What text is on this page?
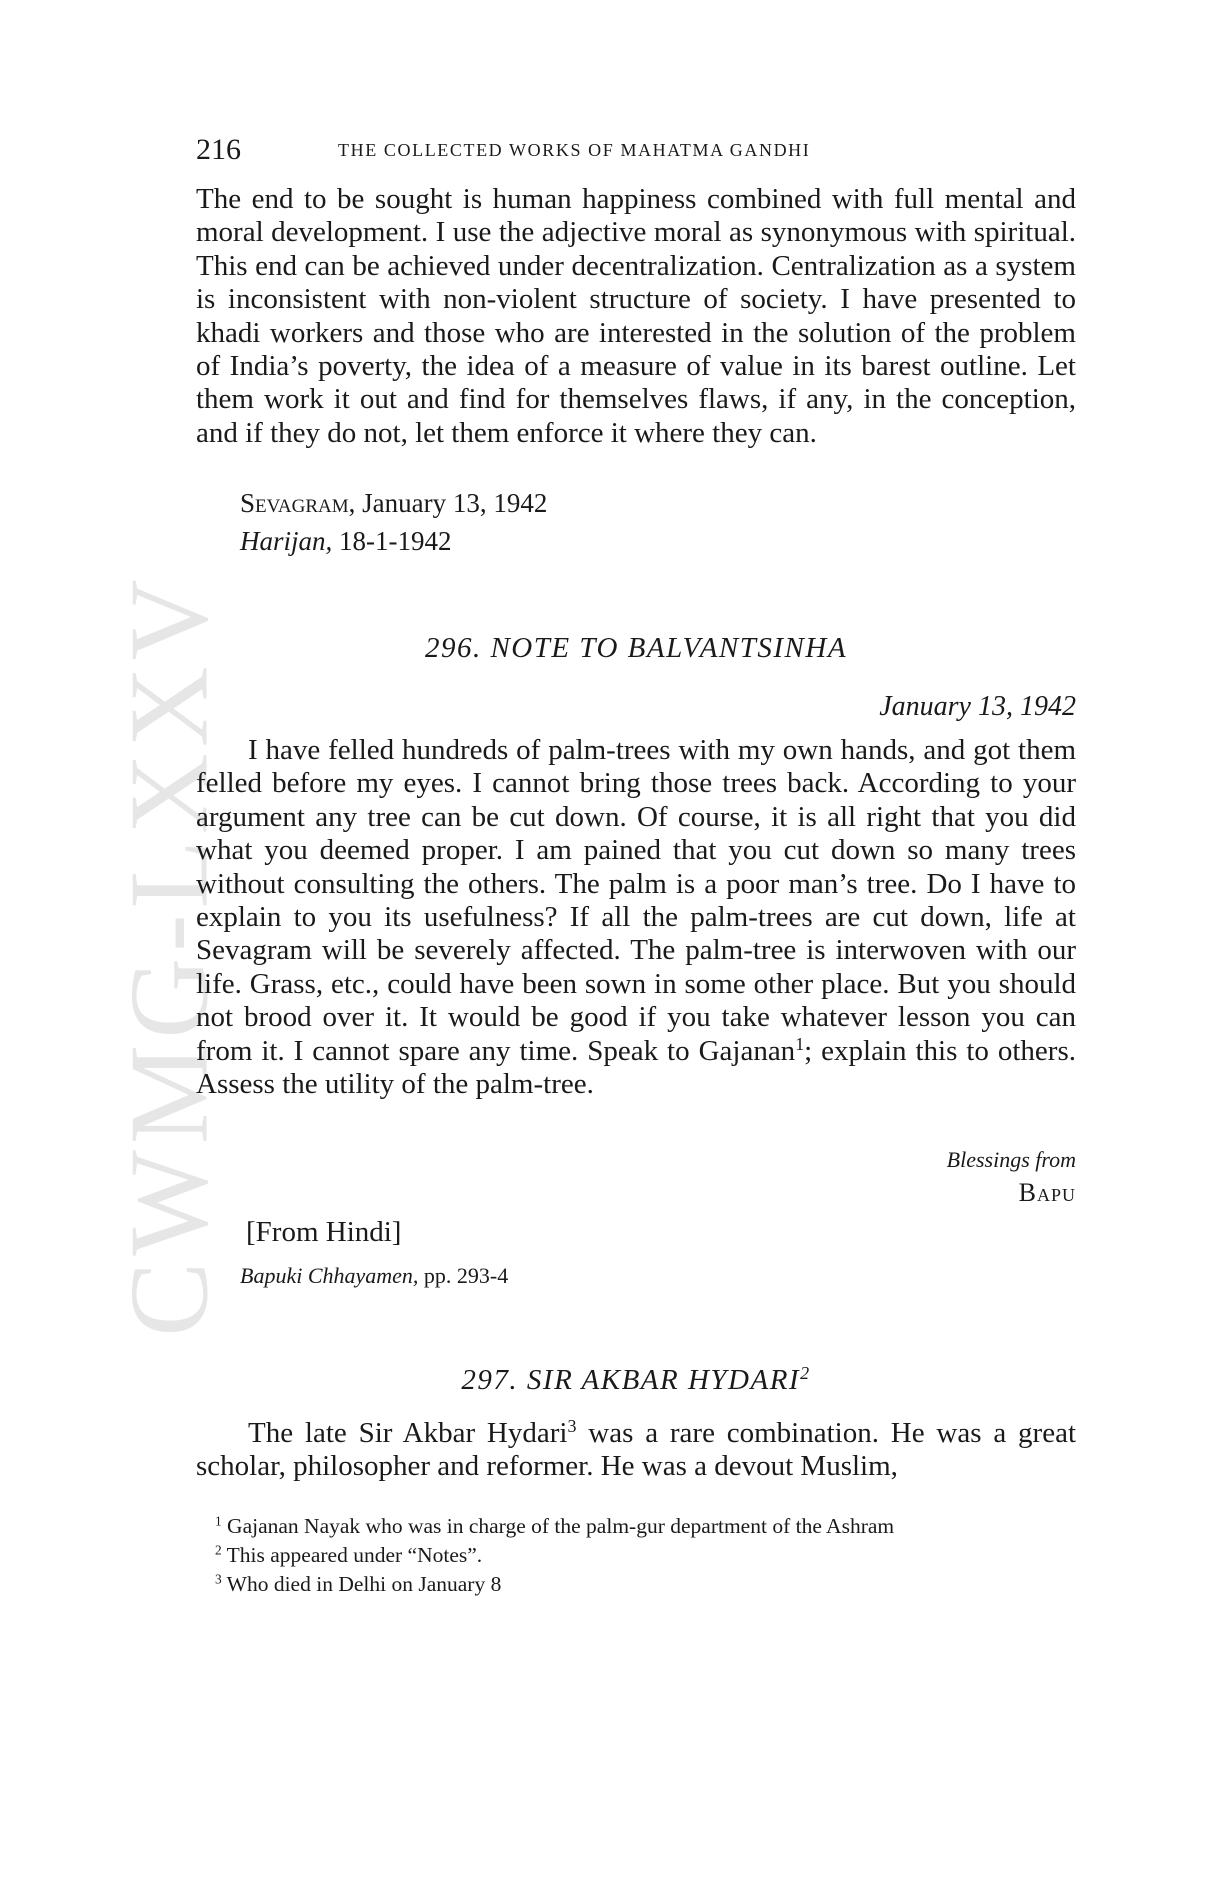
CWMG-LXXV
216	THE COLLECTED WORKS OF MAHATMA GANDHI

The end to be sought is human happiness combined with full mental and moral development. I use the adjective moral as synonymous with spiritual. This end can be achieved under decentralization. Centralization as a system is inconsistent with non-violent structure of society. I have presented to khadi workers and those who are interested in the solution of the problem of India’s poverty, the idea of a measure of value in its barest outline. Let them work it out and find for themselves flaws, if any, in the conception, and if they do not, let them enforce it where they can.

Sevagram, January 13, 1942
Harijan, 18-1-1942
296. NOTE TO BALVANTSINHA
January 13, 1942

I have felled hundreds of palm-trees with my own hands, and got them felled before my eyes. I cannot bring those trees back. According to your argument any tree can be cut down. Of course, it is all right that you did what you deemed proper. I am pained that you cut down so many trees without consulting the others. The palm is a poor man’s tree. Do I have to explain to you its usefulness? If all the palm-trees are cut down, life at Sevagram will be severely affected. The palm-tree is interwoven with our life. Grass, etc., could have been sown in some other place. But you should not brood over it. It would be good if you take whatever lesson you can from it. I cannot spare any time. Speak to Gajanan$^1$; explain this to others. Assess the utility of the palm-tree.

Blessings from
Bapu
[From Hindi]
Bapuki Chhayamen, pp. 293-4
297. SIR AKBAR HYDARI$^2$

The late Sir Akbar Hydari$^3$ was a rare combination. He was a great scholar, philosopher and reformer. He was a devout Muslim,

$^1$ Gajanan Nayak who was in charge of the palm-gur department of the Ashram

$^2$ This appeared under “Notes”.

$^3$ Who died in Delhi on January 8
